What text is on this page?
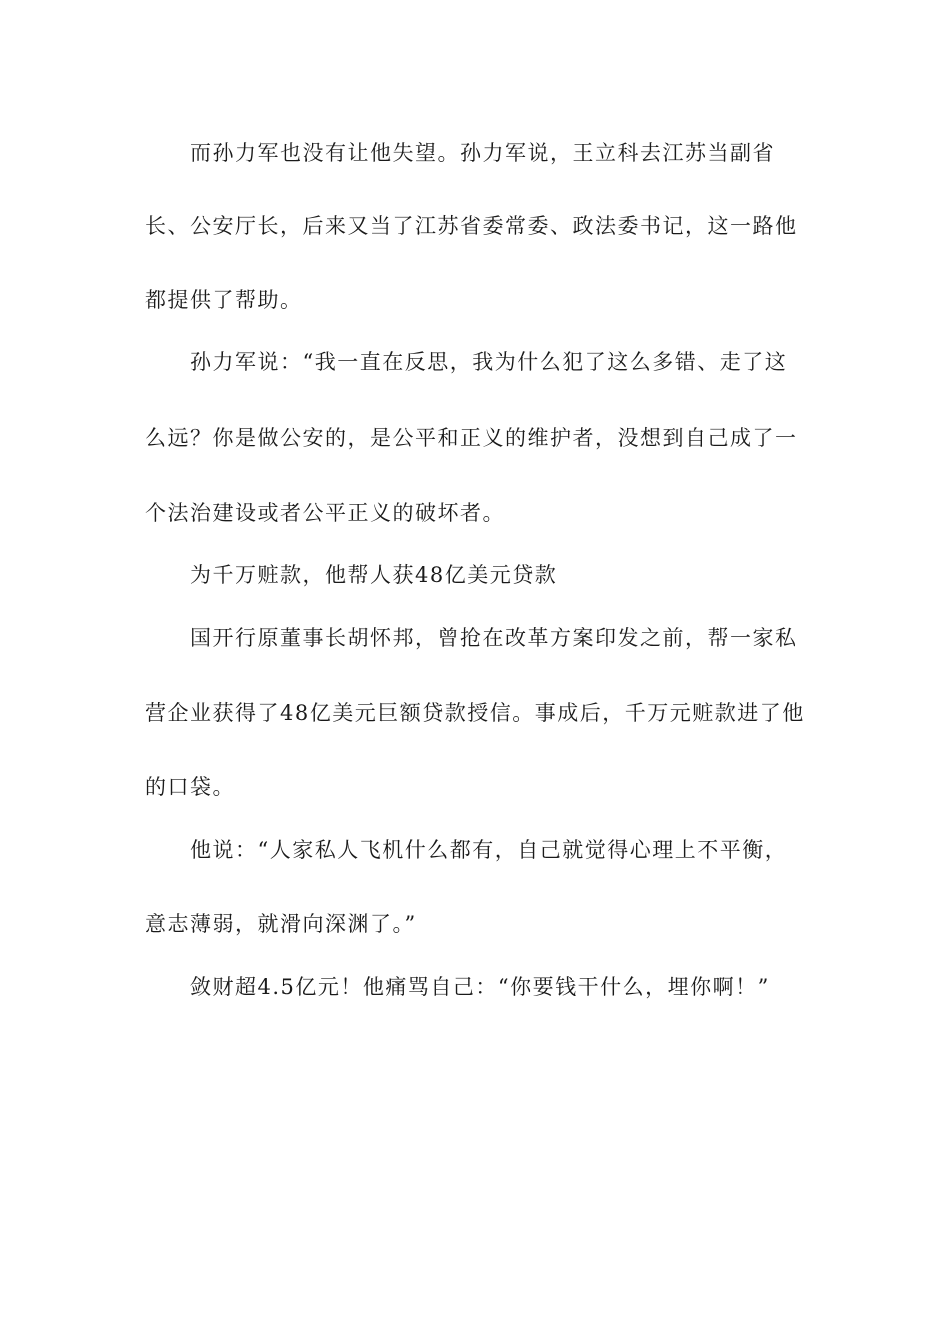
而孙力军也没有让他失望。孙力军说，王立科去江苏当副省
长、公安厅长，后来又当了江苏省委常委、政法委书记，这一路他
都提供了帮助。
孙力军说：“我一直在反思，我为什么犯了这么多错、走了这
么远？你是做公安的，是公平和正义的维护者，没想到自己成了一
个法治建设或者公平正义的破坏者。
为千万赃款，他帮人获48亿美元贷款
国开行原董事长胡怀邦，曾抢在改革方案印发之前，帮一家私
营企业获得了48亿美元巨额贷款授信。事成后，千万元赃款进了他
的口袋。
他说：“人家私人飞机什么都有，自己就觉得心理上不平衡，
意志薄弱，就滑向深渊了。”
敛财超4.5亿元！他痛骂自己：“你要钱干什么，埋你啊！”
